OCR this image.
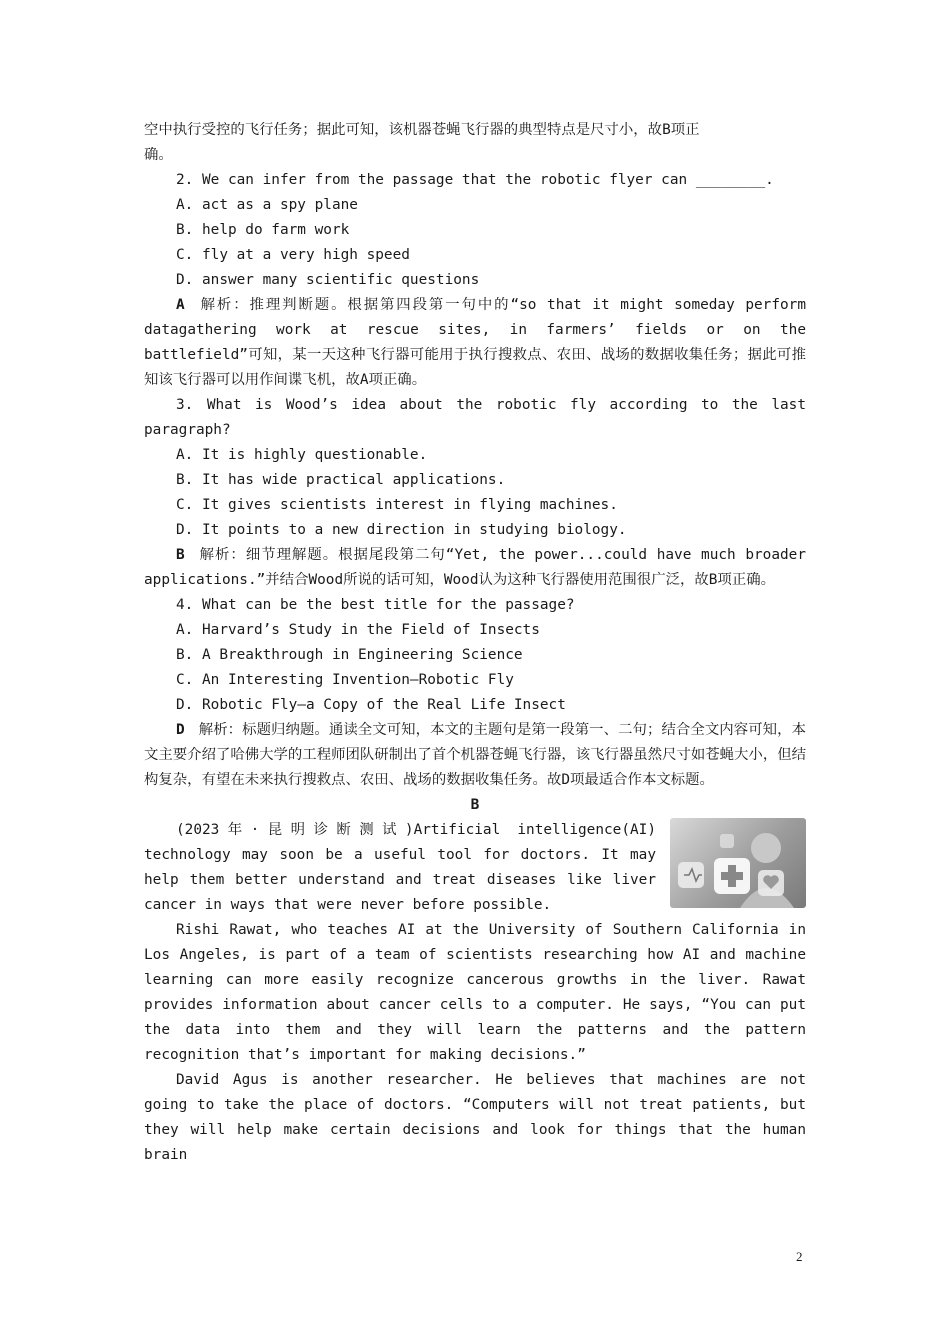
空中执行受控的飞行任务；据此可知，该机器苍蝇飞行器的典型特点是尺寸小，故B项正

确。

2. We can infer from the passage that the robotic flyer can ________.

A. act as a spy plane

B. help do farm work

C. fly at a very high speed

D. answer many scientific questions

A 解析：推理判断题。根据第四段第一句中的“so that it might someday perform datagathering work at rescue sites, in farmers’ fields or on the battlefield”可知，某一天这种飞行器可能用于执行搜救点、农田、战场的数据收集任务；据此可推知该飞行器可以用作间谍飞机，故A项正确。

3. What is Wood’s idea about the robotic fly according to the last paragraph?

A. It is highly questionable.

B. It has wide practical applications.

C. It gives scientists interest in flying machines.

D. It points to a new direction in studying biology.

B 解析：细节理解题。根据尾段第二句“Yet, the power...could have much broader applications.”并结合Wood所说的话可知，Wood认为这种飞行器使用范围很广泛，故B项正确。

4. What can be the best title for the passage?

A. Harvard’s Study in the Field of Insects

B. A Breakthrough in Engineering Science

C. An Interesting Invention—Robotic Fly

D. Robotic Fly—a Copy of the Real Life Insect

D 解析：标题归纳题。通读全文可知，本文的主题句是第一段第一、二句；结合全文内容可知，本文主要介绍了哈佛大学的工程师团队研制出了首个机器苍蝇飞行器，该飞行器虽然尺寸如苍蝇大小，但结构复杂，有望在未来执行搜救点、农田、战场的数据收集任务。故D项最适合作本文标题。

B

(2023年·昆明诊断测试)Artificial intelligence(AI) technology may soon be a useful tool for doctors. It may help them better understand and treat diseases like liver cancer in ways that were never before possible.

Rishi Rawat, who teaches AI at the University of Southern California in Los Angeles, is part of a team of scientists researching how AI and machine learning can more easily recognize cancerous growths in the liver. Rawat provides information about cancer cells to a computer. He says, “You can put the data into them and they will learn the patterns and the pattern recognition that’s important for making decisions.”

David Agus is another researcher. He believes that machines are not going to take the place of doctors. “Computers will not treat patients, but they will help make certain decisions and look for things that the human brain

2
